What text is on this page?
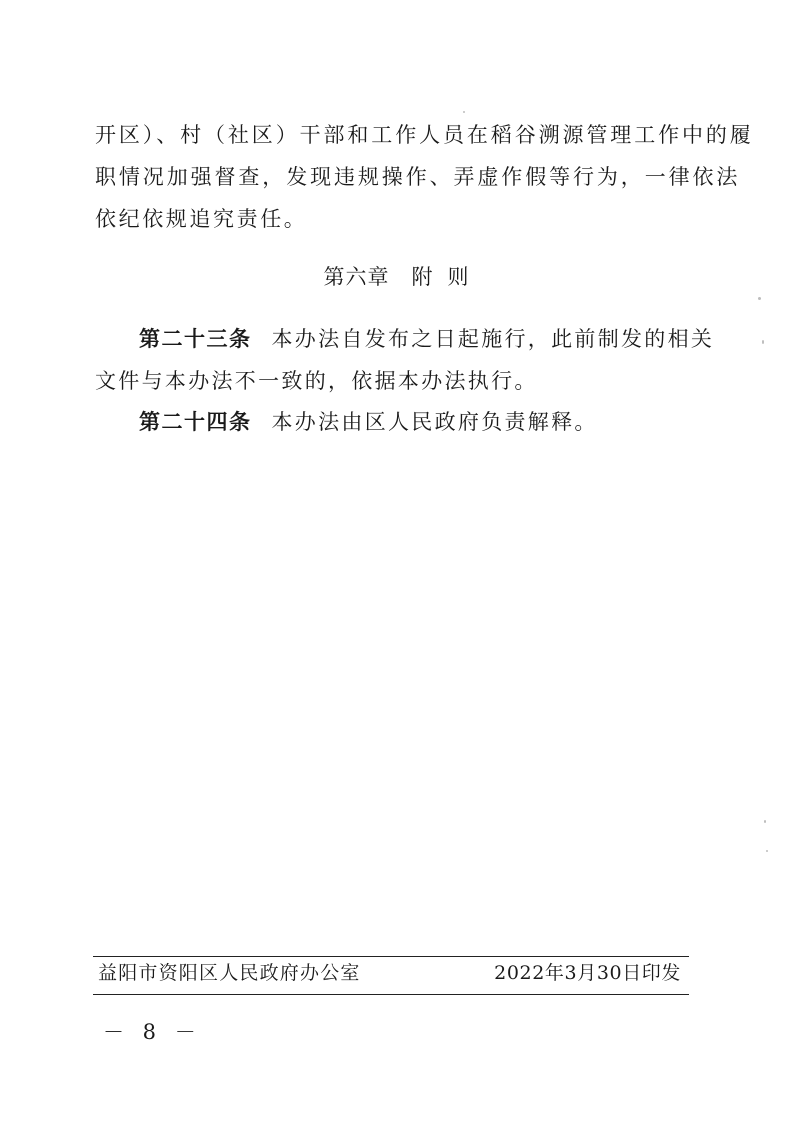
开区）、村（社区）干部和工作人员在稻谷溯源管理工作中的履
职情况加强督查，发现违规操作、弄虚作假等行为，一律依法
依纪依规追究责任。
第六章 附 则
第二十三条 本办法自发布之日起施行，此前制发的相关
文件与本办法不一致的，依据本办法执行。
第二十四条 本办法由区人民政府负责解释。
益阳市资阳区人民政府办公室	2022年3月30日印发
－ 8 －
